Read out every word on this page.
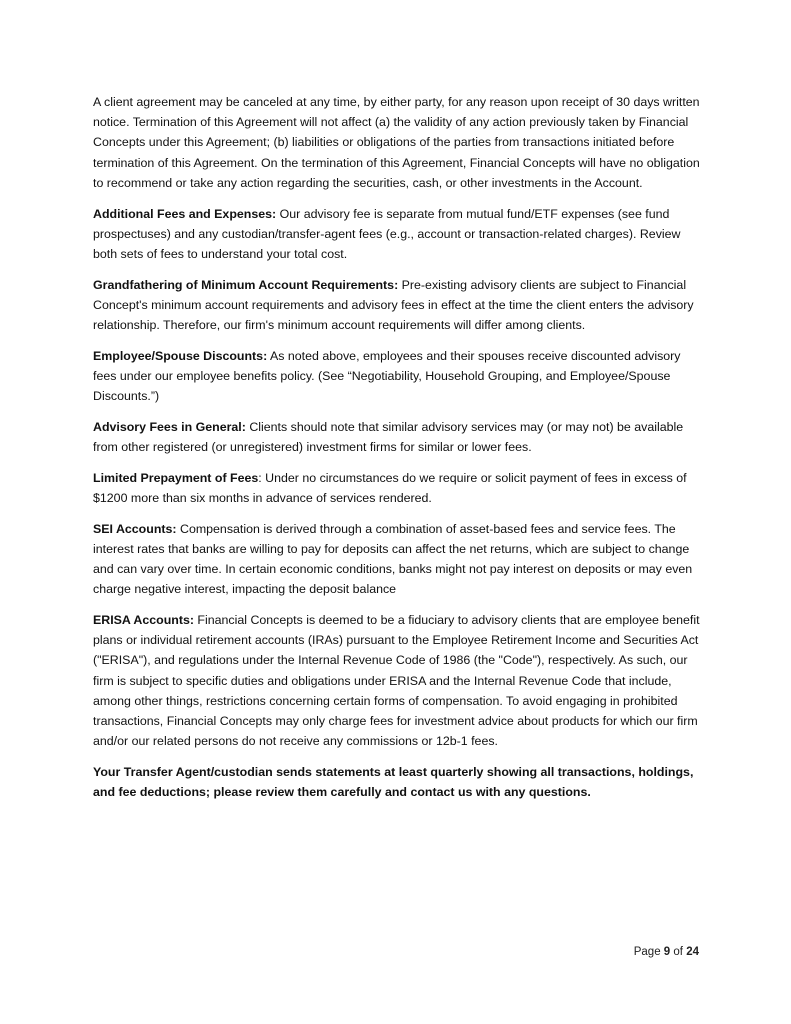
A client agreement may be canceled at any time, by either party, for any reason upon receipt of 30 days written notice. Termination of this Agreement will not affect (a) the validity of any action previously taken by Financial Concepts under this Agreement; (b) liabilities or obligations of the parties from transactions initiated before termination of this Agreement. On the termination of this Agreement, Financial Concepts will have no obligation to recommend or take any action regarding the securities, cash, or other investments in the Account.

Additional Fees and Expenses: Our advisory fee is separate from mutual fund/ETF expenses (see fund prospectuses) and any custodian/transfer-agent fees (e.g., account or transaction-related charges). Review both sets of fees to understand your total cost.

Grandfathering of Minimum Account Requirements: Pre-existing advisory clients are subject to Financial Concept's minimum account requirements and advisory fees in effect at the time the client enters the advisory relationship. Therefore, our firm's minimum account requirements will differ among clients.

Employee/Spouse Discounts: As noted above, employees and their spouses receive discounted advisory fees under our employee benefits policy. (See “Negotiability, Household Grouping, and Employee/Spouse Discounts.”)

Advisory Fees in General: Clients should note that similar advisory services may (or may not) be available from other registered (or unregistered) investment firms for similar or lower fees.

Limited Prepayment of Fees: Under no circumstances do we require or solicit payment of fees in excess of $1200 more than six months in advance of services rendered.

SEI Accounts: Compensation is derived through a combination of asset-based fees and service fees. The interest rates that banks are willing to pay for deposits can affect the net returns, which are subject to change and can vary over time. In certain economic conditions, banks might not pay interest on deposits or may even charge negative interest, impacting the deposit balance

ERISA Accounts: Financial Concepts is deemed to be a fiduciary to advisory clients that are employee benefit plans or individual retirement accounts (IRAs) pursuant to the Employee Retirement Income and Securities Act ("ERISA"), and regulations under the Internal Revenue Code of 1986 (the "Code"), respectively. As such, our firm is subject to specific duties and obligations under ERISA and the Internal Revenue Code that include, among other things, restrictions concerning certain forms of compensation. To avoid engaging in prohibited transactions, Financial Concepts may only charge fees for investment advice about products for which our firm and/or our related persons do not receive any commissions or 12b-1 fees.

Your Transfer Agent/custodian sends statements at least quarterly showing all transactions, holdings, and fee deductions; please review them carefully and contact us with any questions.

Page 9 of 24
